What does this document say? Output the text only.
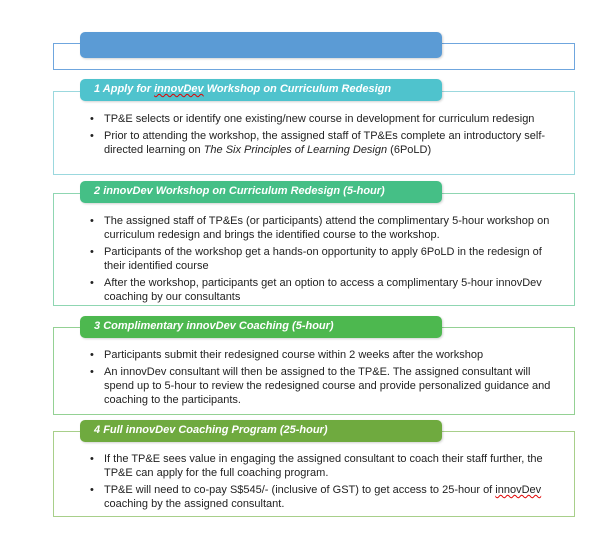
1 Apply for innovDev Workshop on Curriculum Redesign
• TP&E selects or identify one existing/new course in development for curriculum redesign
• Prior to attending the workshop, the assigned staff of TP&Es complete an introductory self-directed learning on The Six Principles of Learning Design (6PoLD)
2 innovDev Workshop on Curriculum Redesign (5-hour)
• The assigned staff of TP&Es (or participants) attend the complimentary 5-hour workshop on curriculum redesign and brings the identified course to the workshop.
• Participants of the workshop get a hands-on opportunity to apply 6PoLD in the redesign of their identified course
• After the workshop, participants get an option to access a complimentary 5-hour innovDev coaching by our consultants
3 Complimentary innovDev Coaching (5-hour)
• Participants submit their redesigned course within 2 weeks after the workshop
• An innovDev consultant will then be assigned to the TP&E. The assigned consultant will spend up to 5-hour to review the redesigned course and provide personalized guidance and coaching to the participants.
4 Full innovDev Coaching Program (25-hour)
• If the TP&E sees value in engaging the assigned consultant to coach their staff further, the TP&E can apply for the full coaching program.
• TP&E will need to co-pay S$545/- (inclusive of GST) to get access to 25-hour of innovDev coaching by the assigned consultant.
